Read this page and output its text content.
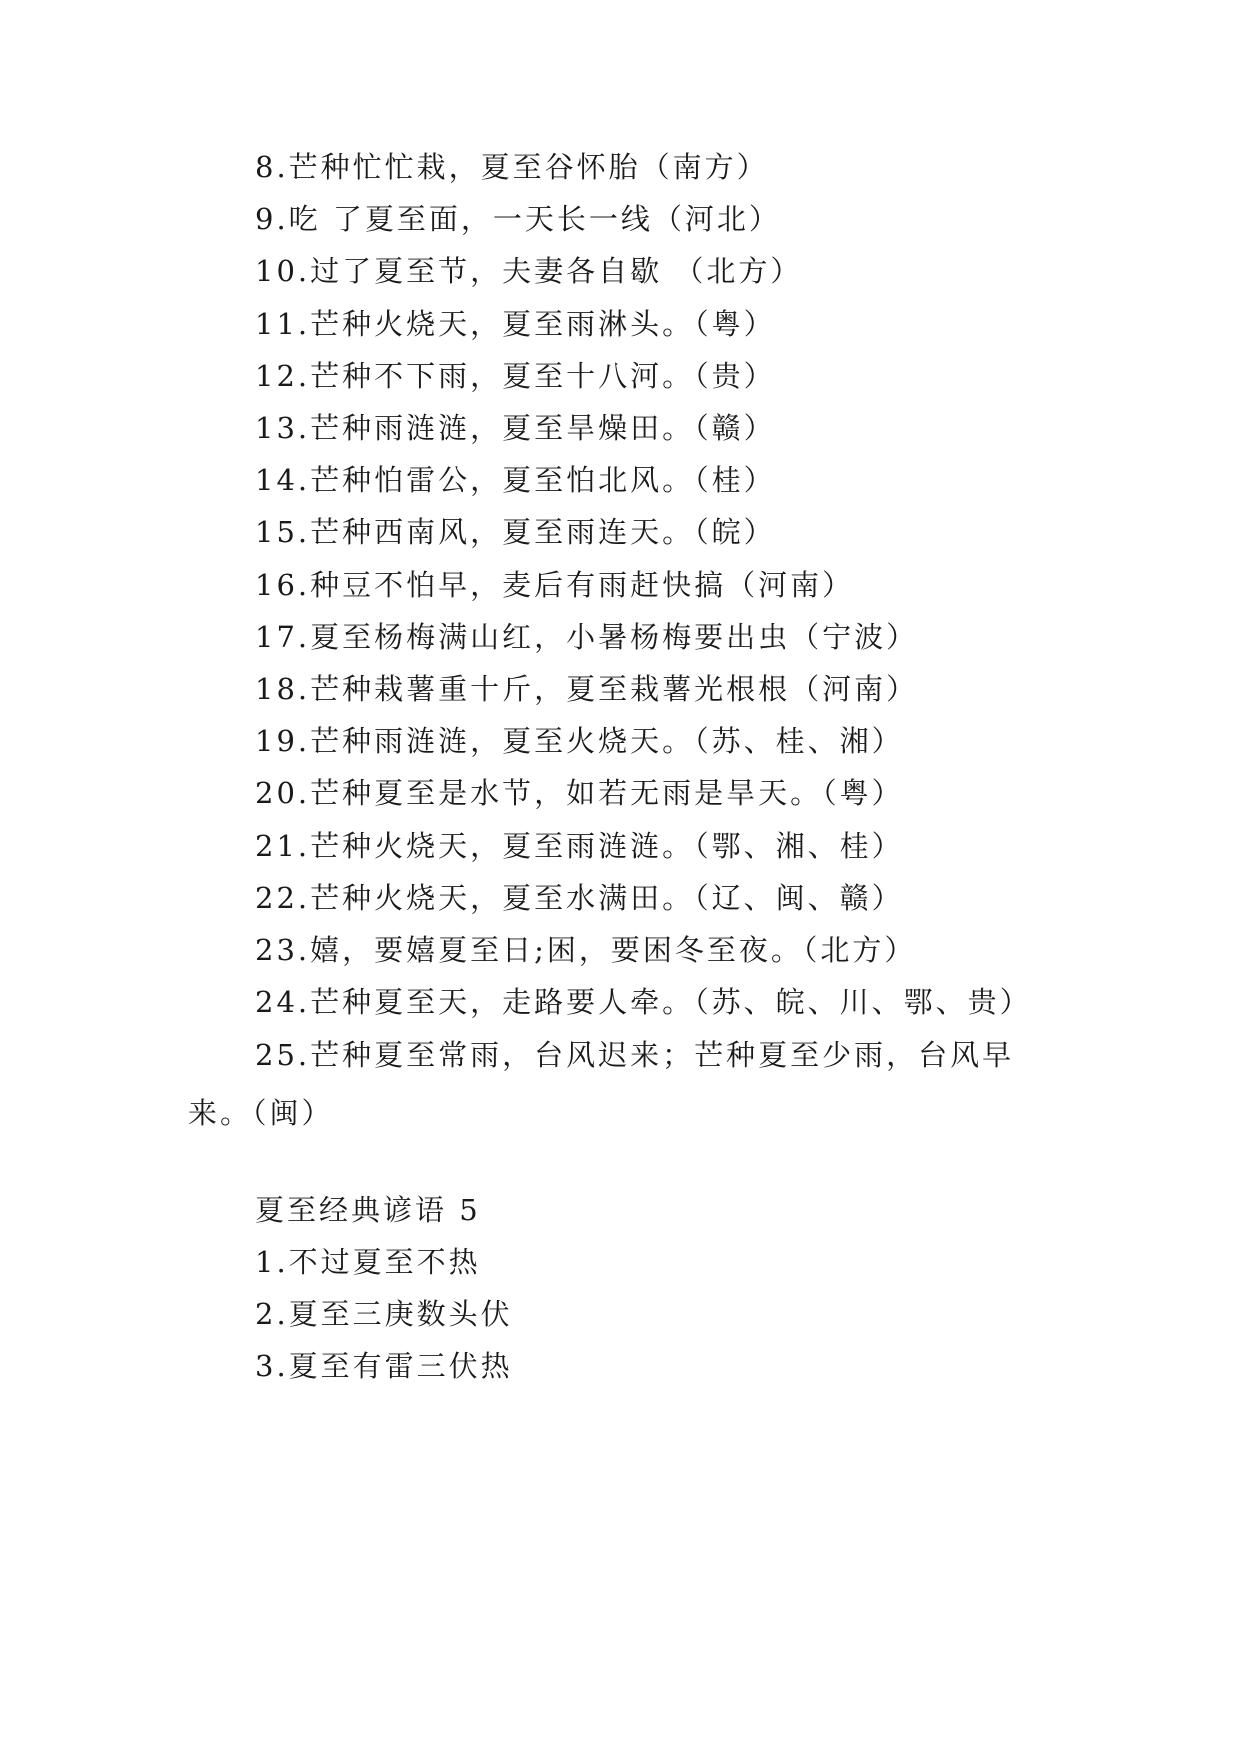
8.芒种忙忙栽，夏至谷怀胎（南方）
9.吃 了夏至面，一天长一线（河北）
10.过了夏至节，夫妻各自歇 （北方）
11.芒种火烧天，夏至雨淋头。（粤）
12.芒种不下雨，夏至十八河。（贵）
13.芒种雨涟涟，夏至旱燥田。（赣）
14.芒种怕雷公，夏至怕北风。（桂）
15.芒种西南风，夏至雨连天。（皖）
16.种豆不怕早，麦后有雨赶快搞（河南）
17.夏至杨梅满山红，小暑杨梅要出虫（宁波）
18.芒种栽薯重十斤，夏至栽薯光根根（河南）
19.芒种雨涟涟，夏至火烧天。（苏、桂、湘）
20.芒种夏至是水节，如若无雨是旱天。（粤）
21.芒种火烧天，夏至雨涟涟。（鄂、湘、桂）
22.芒种火烧天，夏至水满田。（辽、闽、赣）
23.嬉，要嬉夏至日;困，要困冬至夜。（北方）
24.芒种夏至天，走路要人牵。（苏、皖、川、鄂、贵）
25.芒种夏至常雨，台风迟来；芒种夏至少雨，台风早来。（闽）
夏至经典谚语 5
1.不过夏至不热
2.夏至三庚数头伏
3.夏至有雷三伏热
